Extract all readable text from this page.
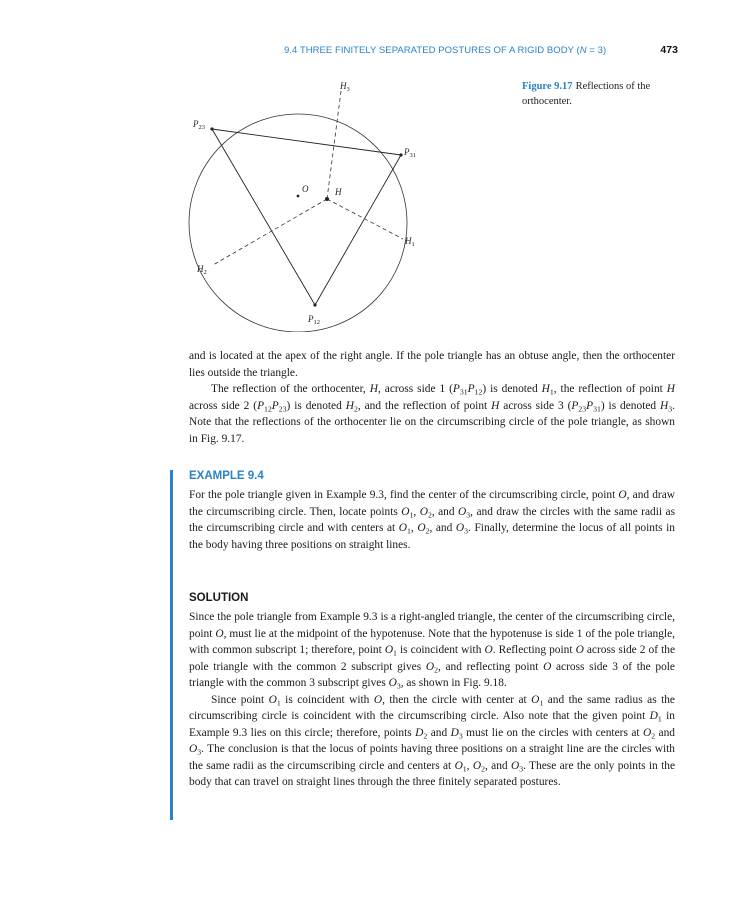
9.4 THREE FINITELY SEPARATED POSTURES OF A RIGID BODY (N = 3)	473
$H_3$
$P_{23}$
$P_{31}$
O	H
$H_1$
$H_2$
$P_{12}$
Figure 9.17 Reflections of the orthocenter.

and is located at the apex of the right angle. If the pole triangle has an obtuse angle, then the orthocenter lies outside the triangle.

The reflection of the orthocenter, H, across side 1 $(P_{31}P_{12})$ is denoted $H_1$, the reflection of point H across side 2 $(P_{12}P_{23})$ is denoted $H_2$, and the reflection of point H across side 3 $(P_{23}P_{31})$ is denoted $H_3$. Note that the reflections of the orthocenter lie on the circumscribing circle of the pole triangle, as shown in Fig. 9.17.

EXAMPLE 9.4

For the pole triangle given in Example 9.3, find the center of the circumscribing circle, point O, and draw the circumscribing circle. Then, locate points $O_1$, $O_2$, and $O_3$, and draw the circles with the same radii as the circumscribing circle and with centers at $O_1$, $O_2$, and $O_3$. Finally, determine the locus of all points in the body having three positions on straight lines.

SOLUTION

Since the pole triangle from Example 9.3 is a right-angled triangle, the center of the circumscribing circle, point O, must lie at the midpoint of the hypotenuse. Note that the hypotenuse is side 1 of the pole triangle, with common subscript 1; therefore, point $O_1$ is coincident with O. Reflecting point O across side 2 of the pole triangle with the common 2 subscript gives $O_2$, and reflecting point O across side 3 of the pole triangle with the common 3 subscript gives $O_3$, as shown in Fig. 9.18.

Since point $O_1$ is coincident with O, then the circle with center at $O_1$ and the same radius as the circumscribing circle is coincident with the circumscribing circle. Also note that the given point $D_1$ in Example 9.3 lies on this circle; therefore, points $D_2$ and $D_3$ must lie on the circles with centers at $O_2$ and $O_3$. The conclusion is that the locus of points having three positions on a straight line are the circles with the same radii as the circumscribing circle and centers at $O_1$, $O_2$, and $O_3$. These are the only points in the body that can travel on straight lines through the three finitely separated postures.
